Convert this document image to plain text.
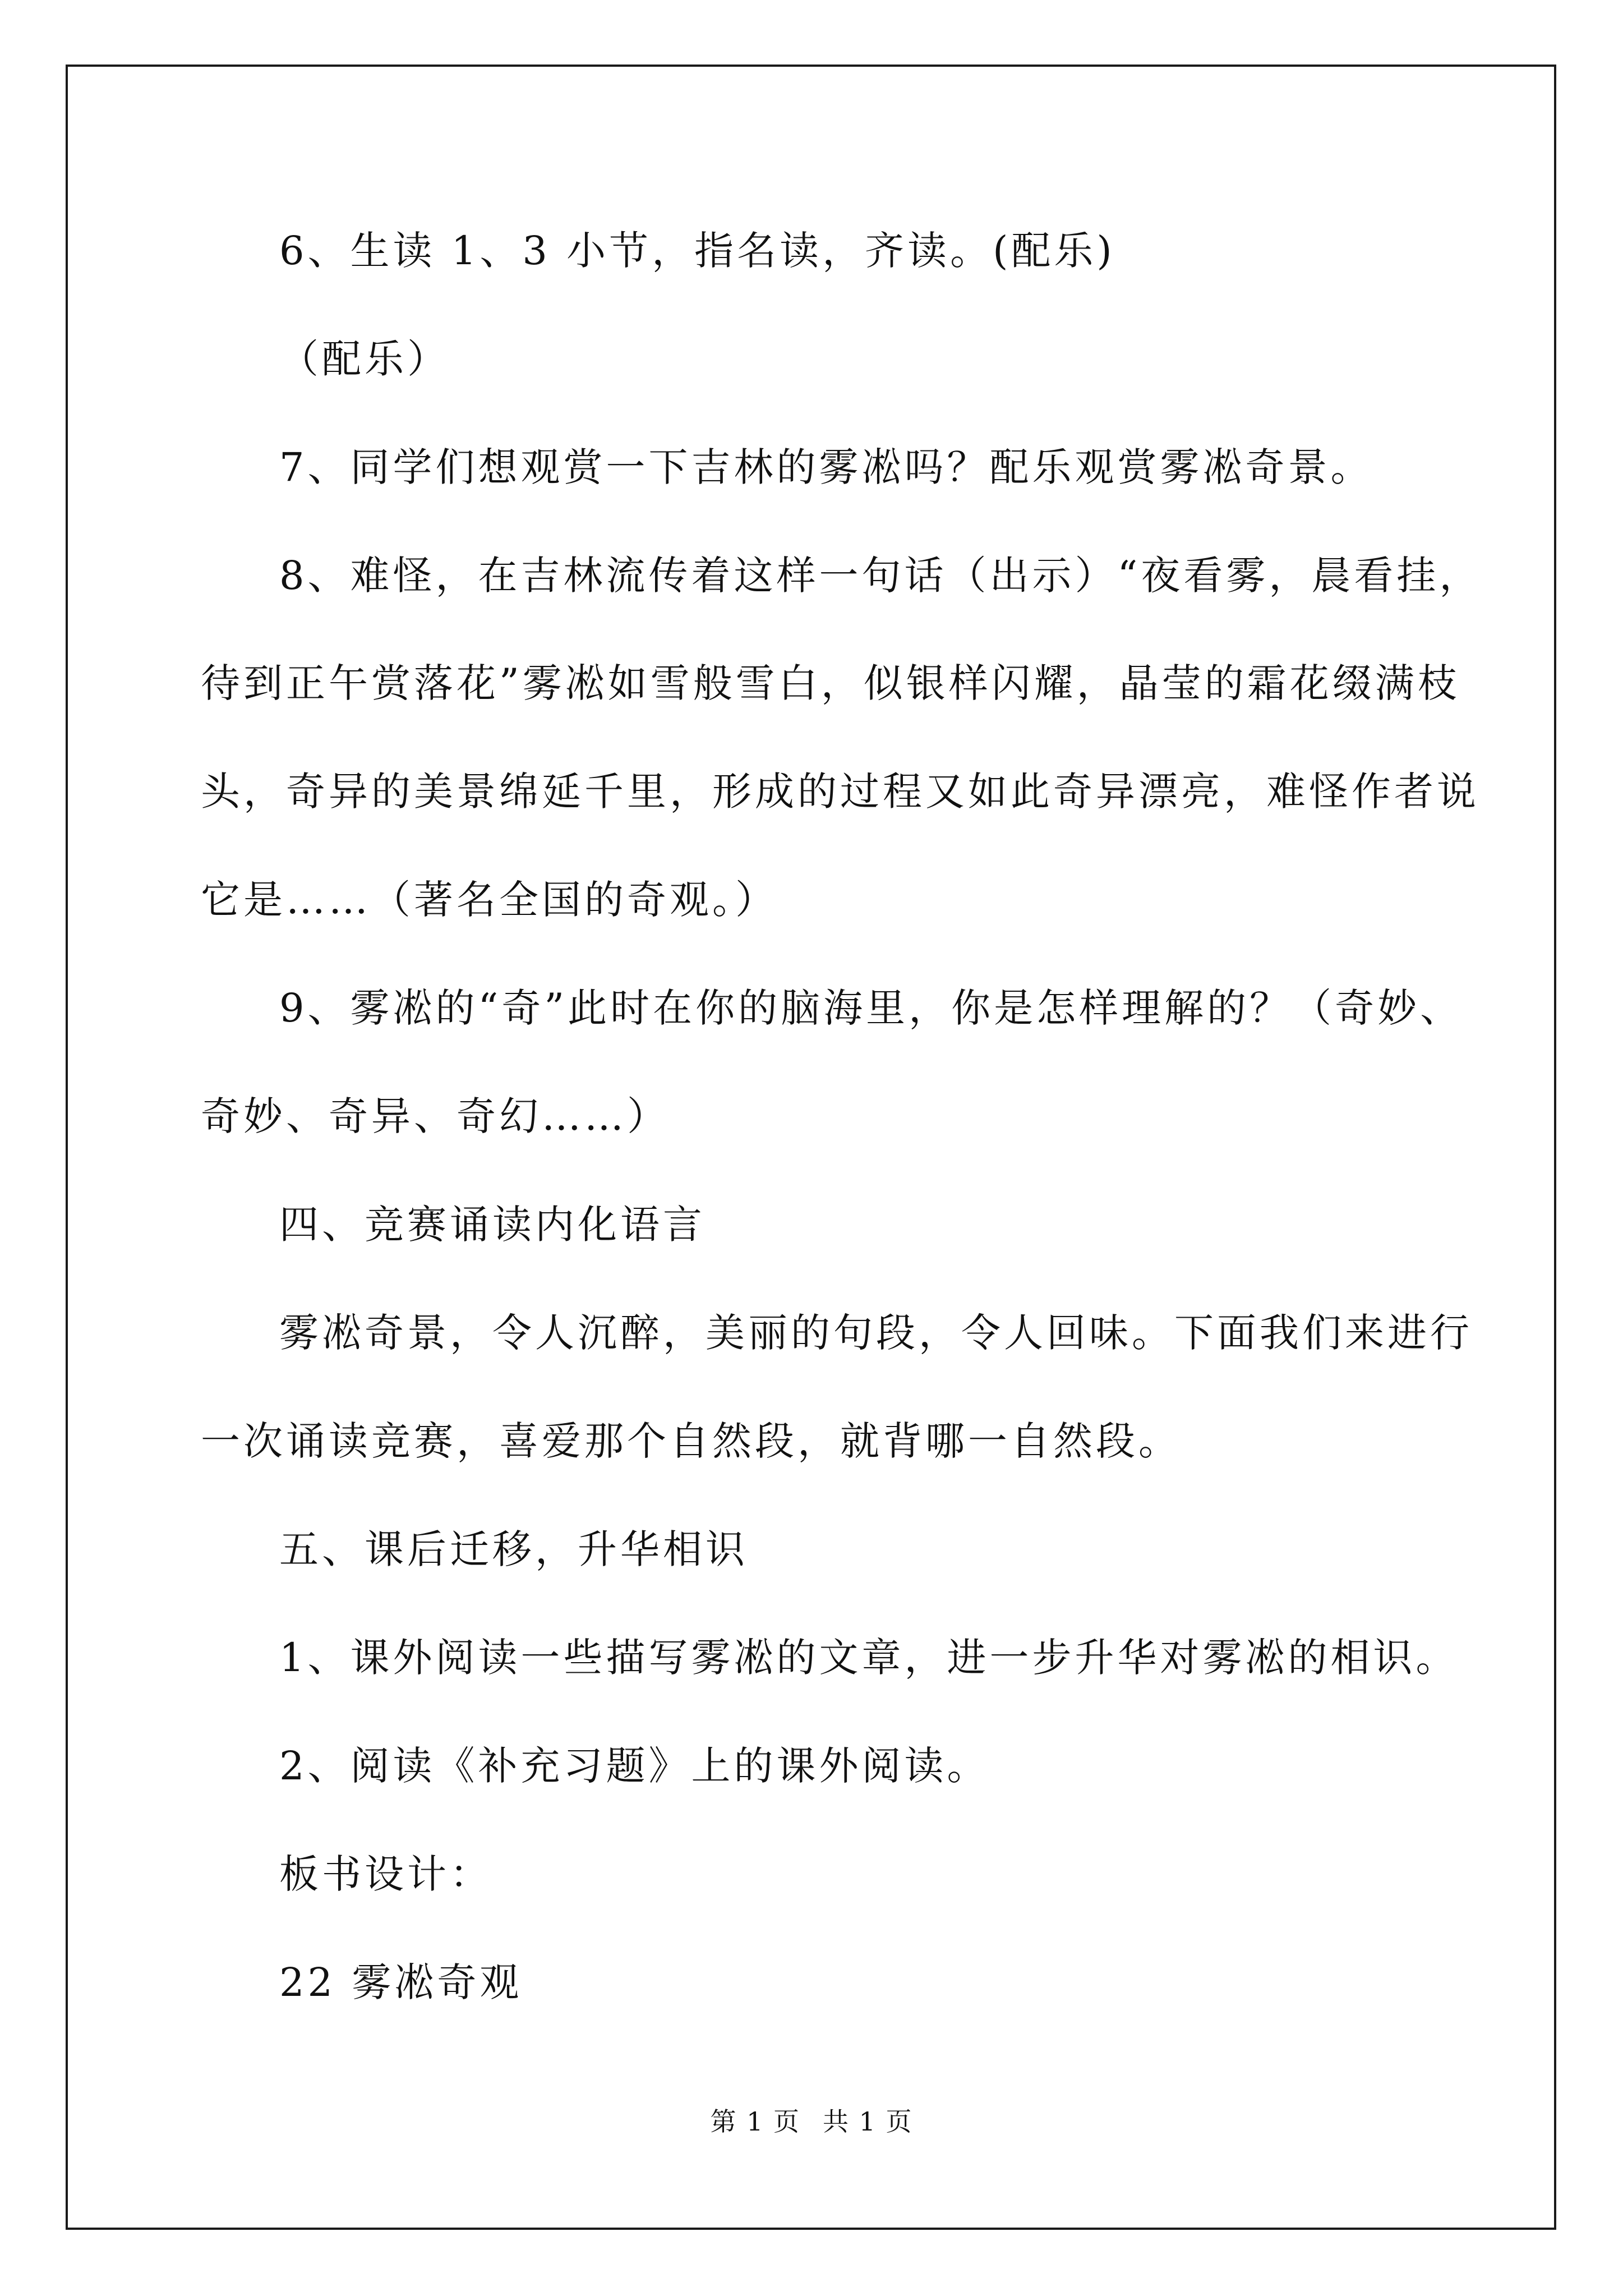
6、生读 1、3 小节，指名读，齐读。(配乐)
（配乐）
7、同学们想观赏一下吉林的雾凇吗？配乐观赏雾凇奇景。
8、难怪，在吉林流传着这样一句话（出示）“夜看雾，晨看挂，
待到正午赏落花”雾凇如雪般雪白，似银样闪耀，晶莹的霜花缀满枝
头，奇异的美景绵延千里，形成的过程又如此奇异漂亮，难怪作者说
它是……（著名全国的奇观。）
9、雾凇的“奇”此时在你的脑海里，你是怎样理解的？（奇妙、
奇妙、奇异、奇幻……）
四、竞赛诵读内化语言
雾凇奇景，令人沉醉，美丽的句段，令人回味。下面我们来进行
一次诵读竞赛，喜爱那个自然段，就背哪一自然段。
五、课后迁移，升华相识
1、课外阅读一些描写雾凇的文章，进一步升华对雾凇的相识。
2、阅读《补充习题》上的课外阅读。
板书设计：
22 雾凇奇观
第 1 页 共 1 页
